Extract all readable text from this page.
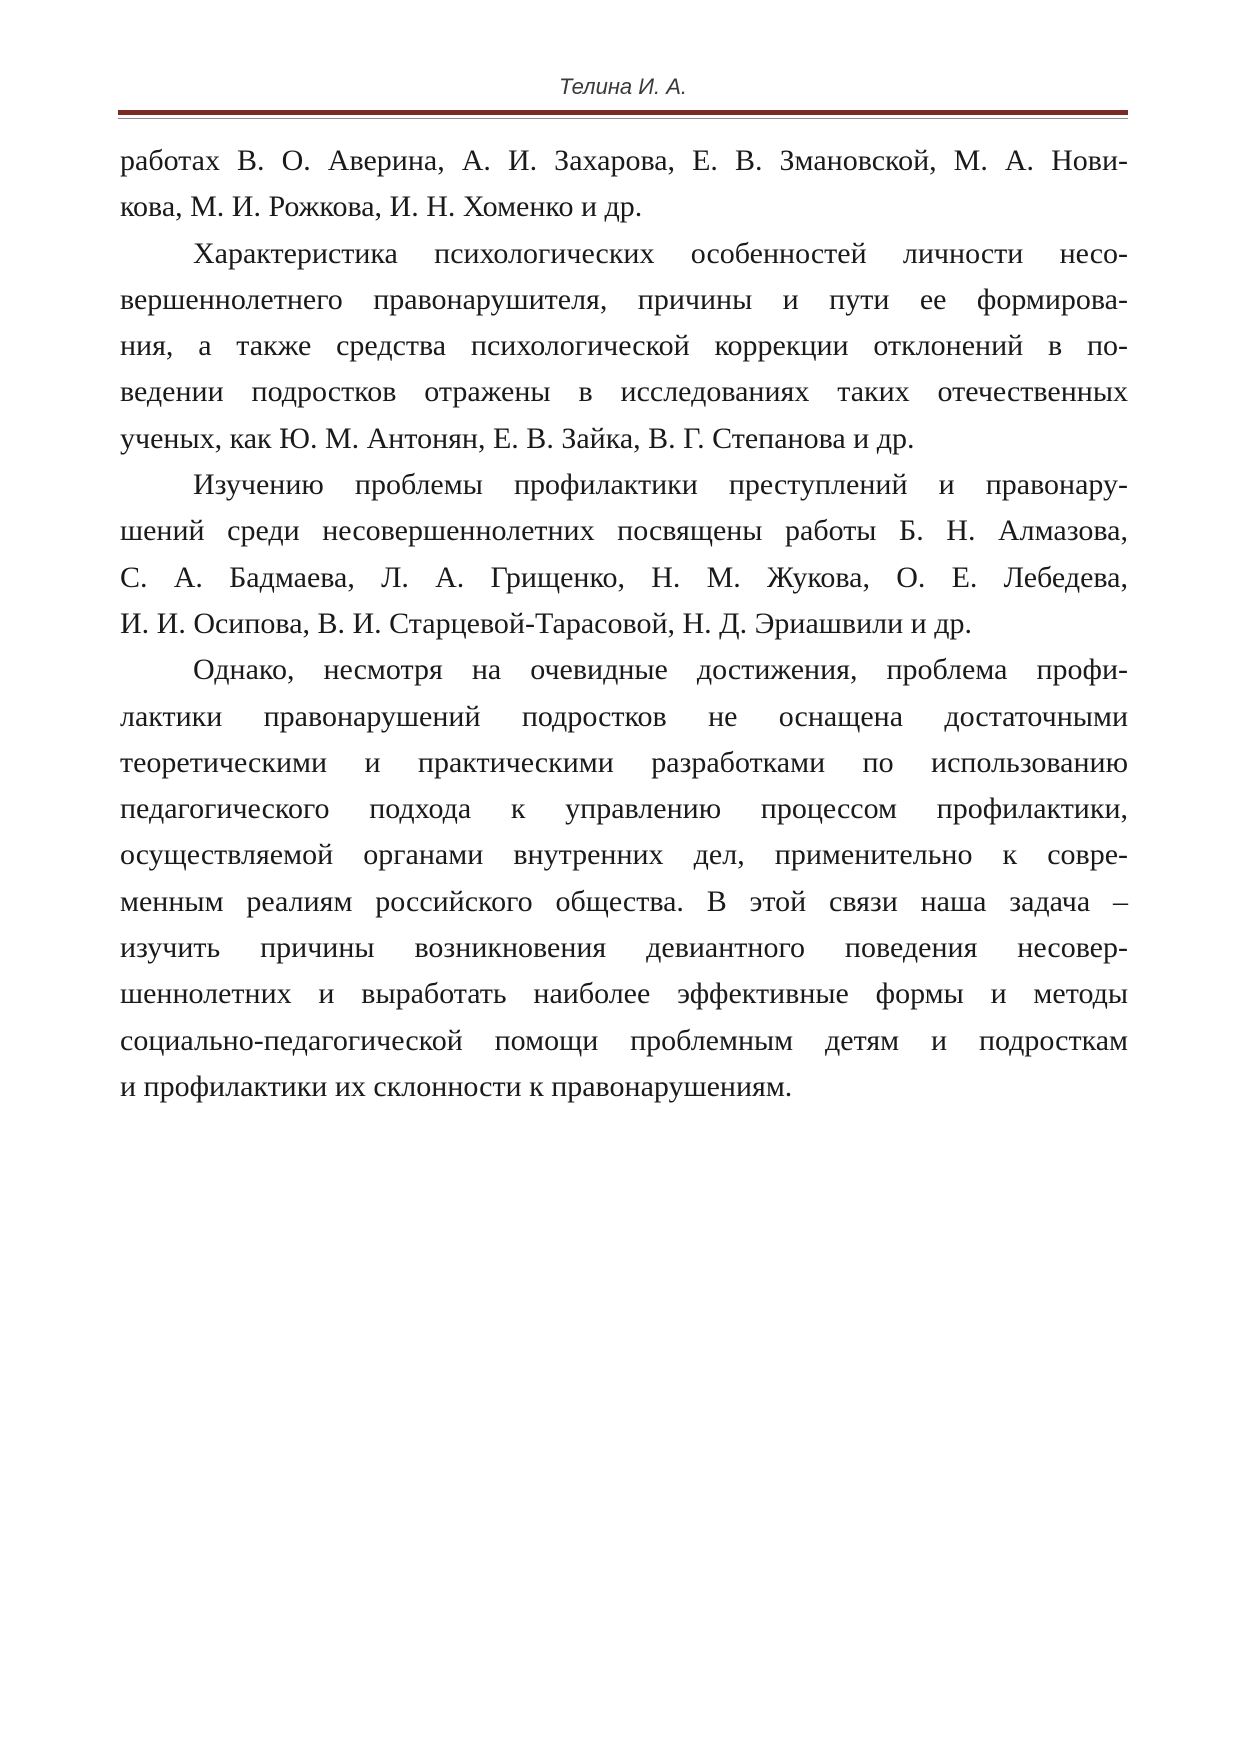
Телина И. А.

работах В. О. Аверина, А. И. Захарова, Е. В. Змановской, М. А. Нови-
кова, М. И. Рожкова, И. Н. Хоменко и др.

Характеристика психологических особенностей личности несо-
вершеннолетнего правонарушителя, причины и пути ее формирова-
ния, а также средства психологической коррекции отклонений в по-
ведении подростков отражены в исследованиях таких отечественных
ученых, как Ю. М. Антонян, Е. В. Зайка, В. Г. Степанова и др.

Изучению проблемы профилактики преступлений и правонару-
шений среди несовершеннолетних посвящены работы Б. Н. Алмазова,
С. А. Бадмаева, Л. А. Грищенко, Н. М. Жукова, О. Е. Лебедева,
И. И. Осипова, В. И. Старцевой-Тарасовой, Н. Д. Эриашвили и др.

Однако, несмотря на очевидные достижения, проблема профи-
лактики правонарушений подростков не оснащена достаточными
теоретическими и практическими разработками по использованию
педагогического подхода к управлению процессом профилактики,
осуществляемой органами внутренних дел, применительно к совре-
менным реалиям российского общества. В этой связи наша задача –
изучить причины возникновения девиантного поведения несовер-
шеннолетних и выработать наиболее эффективные формы и методы
социально-педагогической помощи проблемным детям и подросткам
и профилактики их склонности к правонарушениям.
